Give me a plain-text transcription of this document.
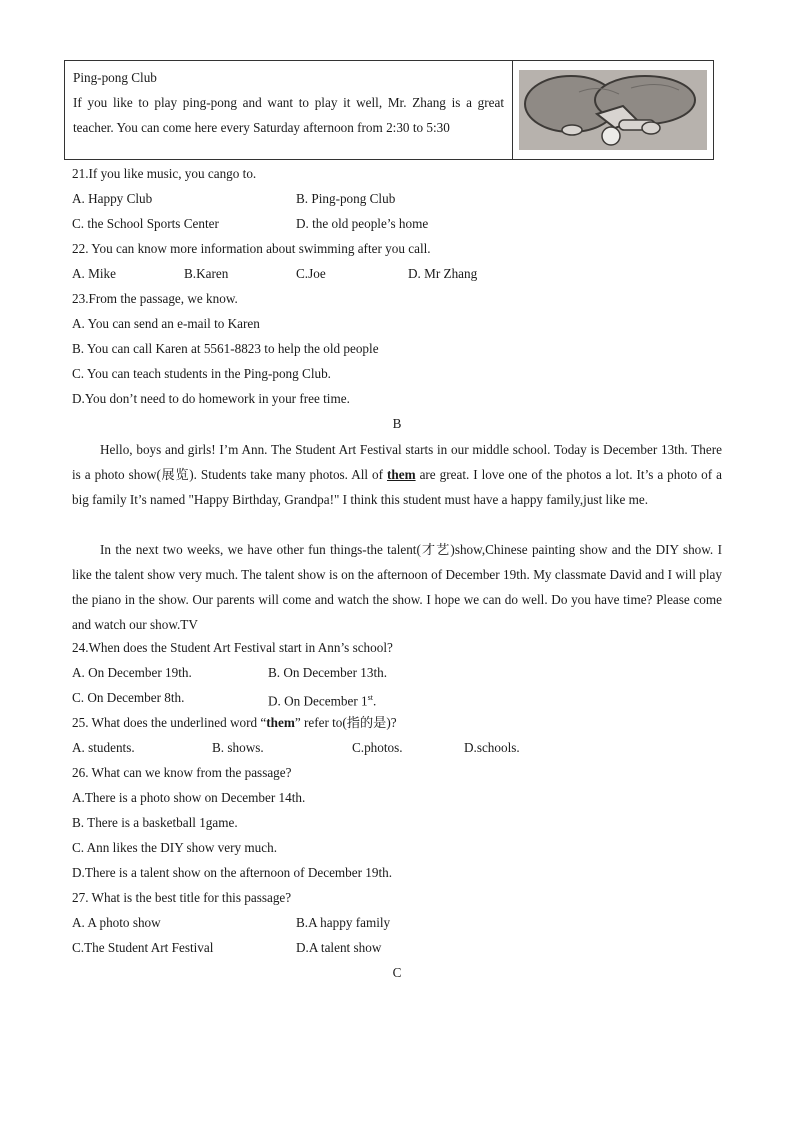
Ping-pong Club
If you like to play ping-pong and want to play it well, Mr. Zhang is a great teacher. You can come here every Saturday afternoon from 2:30 to 5:30
21.If you like music, you cango to.
A. Happy Club	B. Ping-pong Club
C. the School Sports Center	D. the old people’s home
22. You can know more information about swimming after you call.
A. Mike	B.Karen	C.Joe	D. Mr Zhang
23.From the passage, we know.
A. You can send an e-mail to Karen
B. You can call Karen at 5561-8823 to help the old people
C. You can teach students in the Ping-pong Club.
D.You don’t need to do homework in your free time.
B
Hello, boys and girls! I’m Ann. The Student Art Festival starts in our middle school. Today is December 13th. There is a photo show(展览). Students take many photos. All of them are great. I love one of the photos a lot. It’s a photo of a big family It’s named "Happy Birthday, Grandpa!" I think this student must have a happy family,just like me.
In the next two weeks, we have other fun things-the talent(才艺)show,Chinese painting show and the DIY show. I like the talent show very much. The talent show is on the afternoon of December 19th. My classmate David and I will play the piano in the show. Our parents will come and watch the show. I hope we can do well. Do you have time? Please come and watch our show.TV
24.When does the Student Art Festival start in Ann’s school?
A. On December 19th.	B. On December 13th.
C. On December 8th.	D. On December 1st.
25. What does the underlined word “them” refer to(指的是)?
A. students.	B. shows.	C.photos.	D.schools.
26. What can we know from the passage?
A.There is a photo show on December 14th.
B. There is a basketball 1game.
C. Ann likes the DIY show very much.
D.There is a talent show on the afternoon of December 19th.
27. What is the best title for this passage?
A. A photo show	B.A happy family
C.The Student Art Festival	D.A talent show
C
